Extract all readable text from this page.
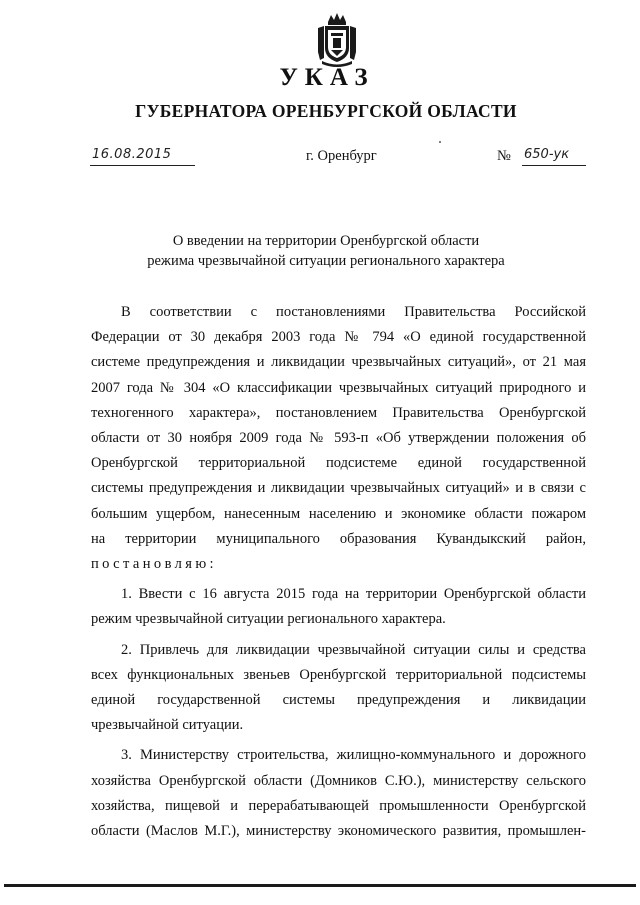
УКАЗ
ГУБЕРНАТОРА ОРЕНБУРГСКОЙ ОБЛАСТИ
16.08.2015	г. Оренбург	№ 650-ук
О введении на территории Оренбургской области
режима чрезвычайной ситуации регионального характера
В соответствии с постановлениями Правительства Российской
Федерации от 30 декабря 2003 года № 794 «О единой государственной
системе предупреждения и ликвидации чрезвычайных ситуаций», от 21 мая
2007 года № 304 «О классификации чрезвычайных ситуаций природного и
техногенного характера», постановлением Правительства Оренбургской
области от 30 ноября 2009 года № 593-п «Об утверждении положения об
Оренбургской территориальной подсистеме единой государственной
системы предупреждения и ликвидации чрезвычайных ситуаций» и в связи с
большим ущербом, нанесенным населению и экономике области пожаром
на территории муниципального образования Кувандыкский район,
постановляю:
1. Ввести с 16 августа 2015 года на территории Оренбургской области
режим чрезвычайной ситуации регионального характера.
2. Привлечь для ликвидации чрезвычайной ситуации силы и средства
всех функциональных звеньев Оренбургской территориальной подсистемы
единой государственной системы предупреждения и ликвидации
чрезвычайной ситуации.
3. Министерству строительства, жилищно-коммунального и дорожного
хозяйства Оренбургской области (Домников С.Ю.), министерству сельского
хозяйства, пищевой и перерабатывающей промышленности Оренбургской
области (Маслов М.Г.), министерству экономического развития, промышлен-
